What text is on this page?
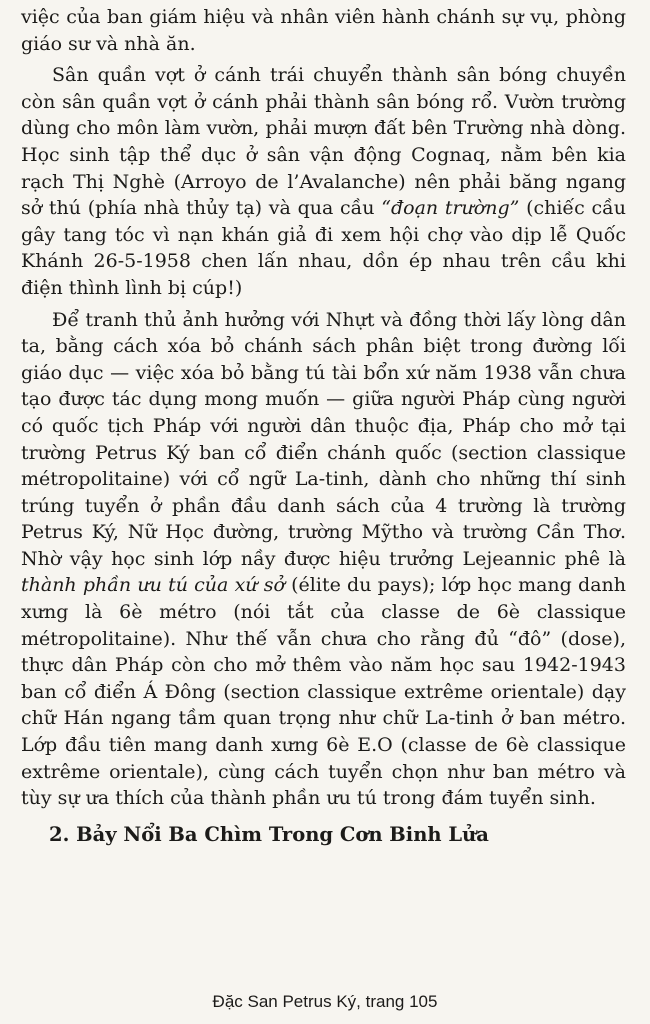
việc của ban giám hiệu và nhân viên hành chánh sự vụ, phòng giáo sư và nhà ăn.

Sân quần vợt ở cánh trái chuyển thành sân bóng chuyền còn sân quần vợt ở cánh phải thành sân bóng rổ. Vườn trường dùng cho môn làm vườn, phải mượn đất bên Trường nhà dòng. Học sinh tập thể dục ở sân vận động Cognaq, nằm bên kia rạch Thị Nghè (Arroyo de l’Avalanche) nên phải băng ngang sở thú (phía nhà thủy tạ) và qua cầu “đoạn trường” (chiếc cầu gây tang tóc vì nạn khán giả đi xem hội chợ vào dịp lễ Quốc Khánh 26-5-1958 chen lấn nhau, dồn ép nhau trên cầu khi điện thình lình bị cúp!)

Để tranh thủ ảnh hưởng với Nhựt và đồng thời lấy lòng dân ta, bằng cách xóa bỏ chánh sách phân biệt trong đường lối giáo dục — việc xóa bỏ bằng tú tài bổn xứ năm 1938 vẫn chưa tạo được tác dụng mong muốn — giữa người Pháp cùng người có quốc tịch Pháp với người dân thuộc địa, Pháp cho mở tại trường Petrus Ký ban cổ điển chánh quốc (section classique métropolitaine) với cổ ngữ La-tinh, dành cho những thí sinh trúng tuyển ở phần đầu danh sách của 4 trường là trường Petrus Ký, Nữ Học đường, trường Mỹtho và trường Cần Thơ. Nhờ vậy học sinh lớp nầy được hiệu trưởng Lejeannic phê là thành phần ưu tú của xứ sở (élite du pays); lớp học mang danh xưng là 6è métro (nói tắt của classe de 6è classique métropolitaine). Như thế vẫn chưa cho rằng đủ “đô” (dose), thực dân Pháp còn cho mở thêm vào năm học sau 1942-1943 ban cổ điển Á Đông (section classique extrême orientale) dạy chữ Hán ngang tầm quan trọng như chữ La-tinh ở ban métro. Lớp đầu tiên mang danh xưng 6è E.O (classe de 6è classique extrême orientale), cùng cách tuyển chọn như ban métro và tùy sự ưa thích của thành phần ưu tú trong đám tuyển sinh.

2. Bảy Nổi Ba Chìm Trong Cơn Binh Lửa
Đặc San Petrus Ký, trang 105
